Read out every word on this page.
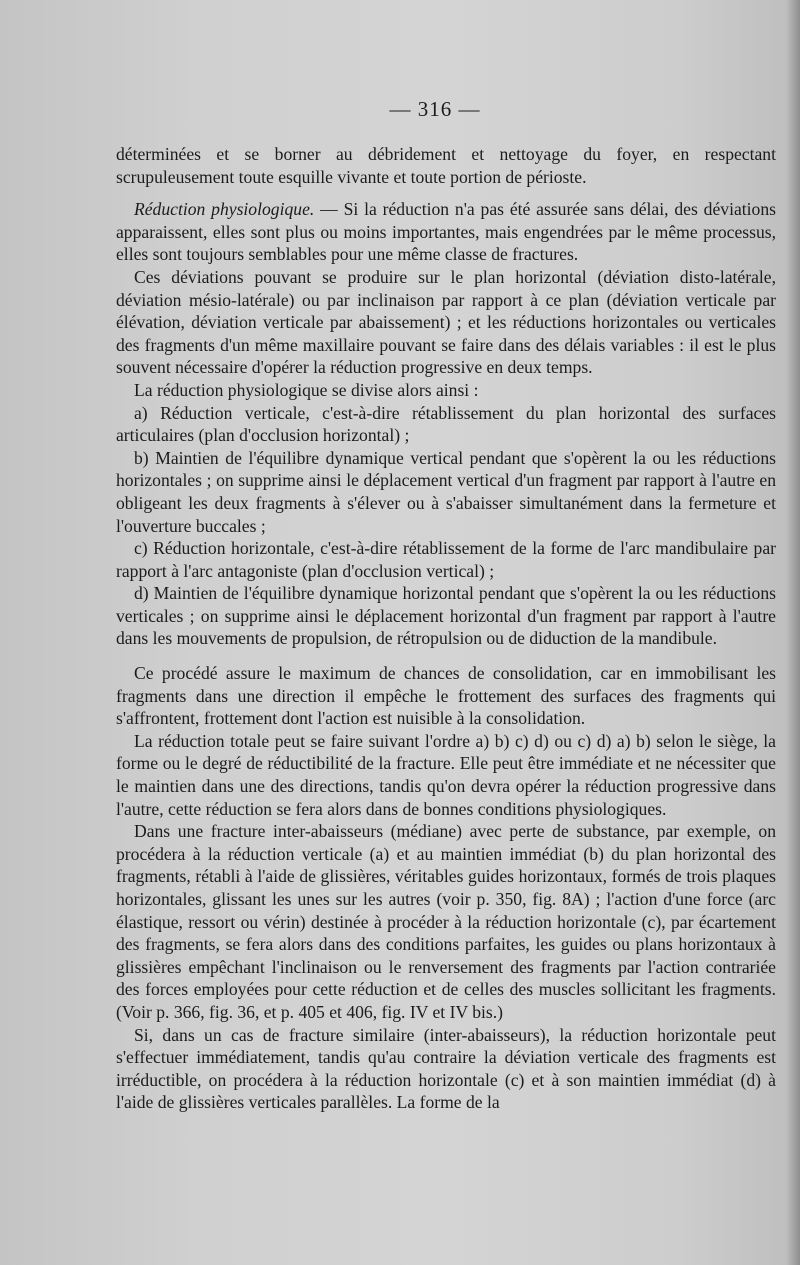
— 316 —

déterminées et se borner au débridement et nettoyage du foyer, en respectant scrupuleusement toute esquille vivante et toute portion de périoste.

Réduction physiologique. — Si la réduction n'a pas été assurée sans délai, des déviations apparaissent, elles sont plus ou moins importantes, mais engendrées par le même processus, elles sont toujours semblables pour une même classe de fractures.

Ces déviations pouvant se produire sur le plan horizontal (déviation disto-latérale, déviation mésio-latérale) ou par inclinaison par rapport à ce plan (déviation verticale par élévation, déviation verticale par abaissement) ; et les réductions horizontales ou verticales des fragments d'un même maxillaire pouvant se faire dans des délais variables : il est le plus souvent nécessaire d'opérer la réduction progressive en deux temps.

La réduction physiologique se divise alors ainsi :

a) Réduction verticale, c'est-à-dire rétablissement du plan horizontal des surfaces articulaires (plan d'occlusion horizontal) ;

b) Maintien de l'équilibre dynamique vertical pendant que s'opèrent la ou les réductions horizontales ; on supprime ainsi le déplacement vertical d'un fragment par rapport à l'autre en obligeant les deux fragments à s'élever ou à s'abaisser simultanément dans la fermeture et l'ouverture buccales ;

c) Réduction horizontale, c'est-à-dire rétablissement de la forme de l'arc mandibulaire par rapport à l'arc antagoniste (plan d'occlusion vertical) ;

d) Maintien de l'équilibre dynamique horizontal pendant que s'opèrent la ou les réductions verticales ; on supprime ainsi le déplacement horizontal d'un fragment par rapport à l'autre dans les mouvements de propulsion, de rétropulsion ou de diduction de la mandibule.

Ce procédé assure le maximum de chances de consolidation, car en immobilisant les fragments dans une direction il empêche le frottement des surfaces des fragments qui s'affrontent, frottement dont l'action est nuisible à la consolidation.

La réduction totale peut se faire suivant l'ordre a) b) c) d) ou c) d) a) b) selon le siège, la forme ou le degré de réductibilité de la fracture. Elle peut être immédiate et ne nécessiter que le maintien dans une des directions, tandis qu'on devra opérer la réduction progressive dans l'autre, cette réduction se fera alors dans de bonnes conditions physiologiques.

Dans une fracture inter-abaisseurs (médiane) avec perte de substance, par exemple, on procédera à la réduction verticale (a) et au maintien immédiat (b) du plan horizontal des fragments, rétabli à l'aide de glissières, véritables guides horizontaux, formés de trois plaques horizontales, glissant les unes sur les autres (voir p. 350, fig. 8A) ; l'action d'une force (arc élastique, ressort ou vérin) destinée à procéder à la réduction horizontale (c), par écartement des fragments, se fera alors dans des conditions parfaites, les guides ou plans horizontaux à glissières empêchant l'inclinaison ou le renversement des fragments par l'action contrariée des forces employées pour cette réduction et de celles des muscles sollicitant les fragments. (Voir p. 366, fig. 36, et p. 405 et 406, fig. IV et IV bis.)

Si, dans un cas de fracture similaire (inter-abaisseurs), la réduction horizontale peut s'effectuer immédiatement, tandis qu'au contraire la déviation verticale des fragments est irréductible, on procédera à la réduction horizontale (c) et à son maintien immédiat (d) à l'aide de glissières verticales parallèles. La forme de la
